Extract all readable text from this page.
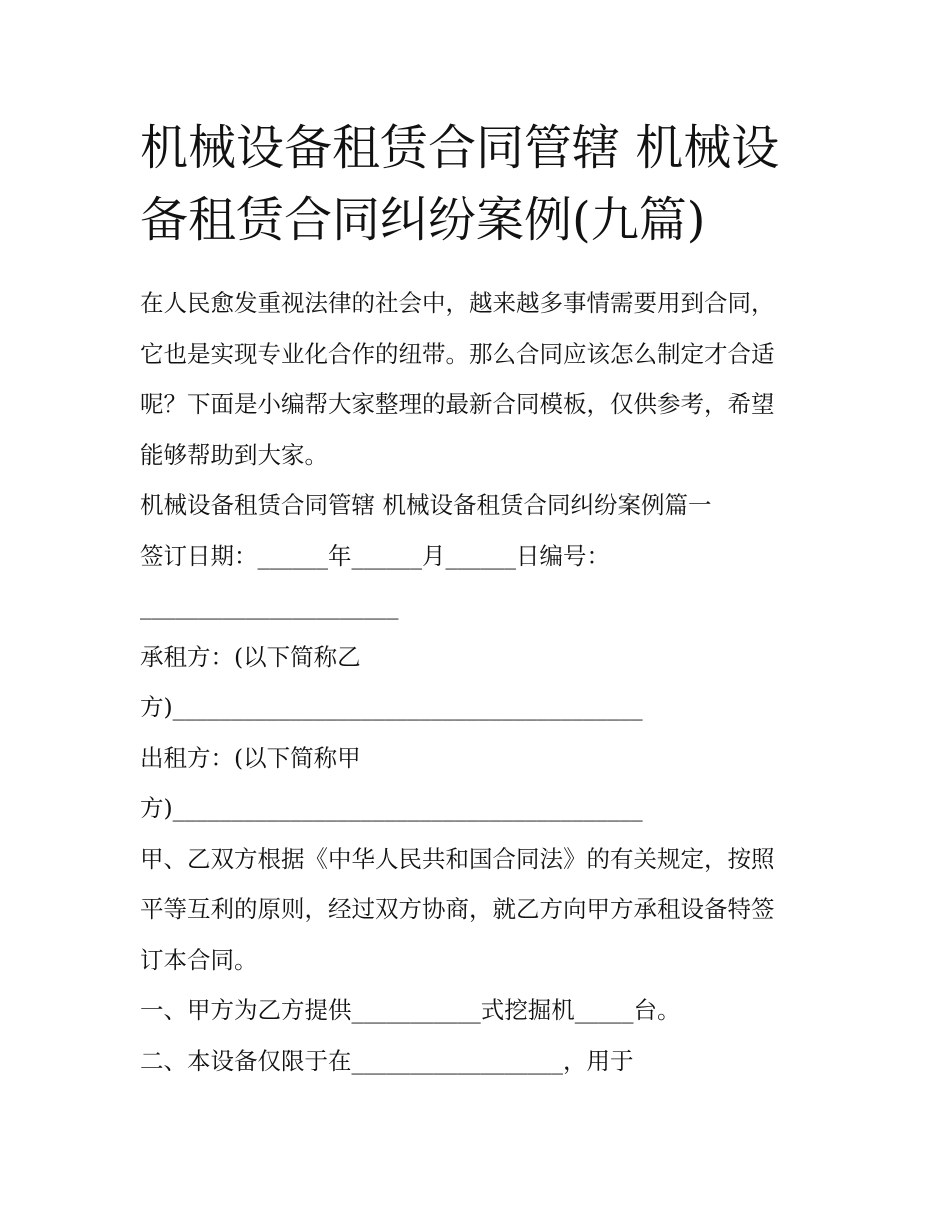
机械设备租赁合同管辖 机械设
备租赁合同纠纷案例(九篇)
在人民愈发重视法律的社会中，越来越多事情需要用到合同，
它也是实现专业化合作的纽带。那么合同应该怎么制定才合适
呢？下面是小编帮大家整理的最新合同模板，仅供参考，希望
能够帮助到大家。
机械设备租赁合同管辖 机械设备租赁合同纠纷案例篇一
签订日期：______年______月______日编号：
______________________
承租方：(以下简称乙
方)________________________________________
出租方：(以下简称甲
方)________________________________________
甲、乙双方根据《中华人民共和国合同法》的有关规定，按照
平等互利的原则，经过双方协商，就乙方向甲方承租设备特签
订本合同。
一、甲方为乙方提供___________式挖掘机_____台。
二、本设备仅限于在__________________，用于
